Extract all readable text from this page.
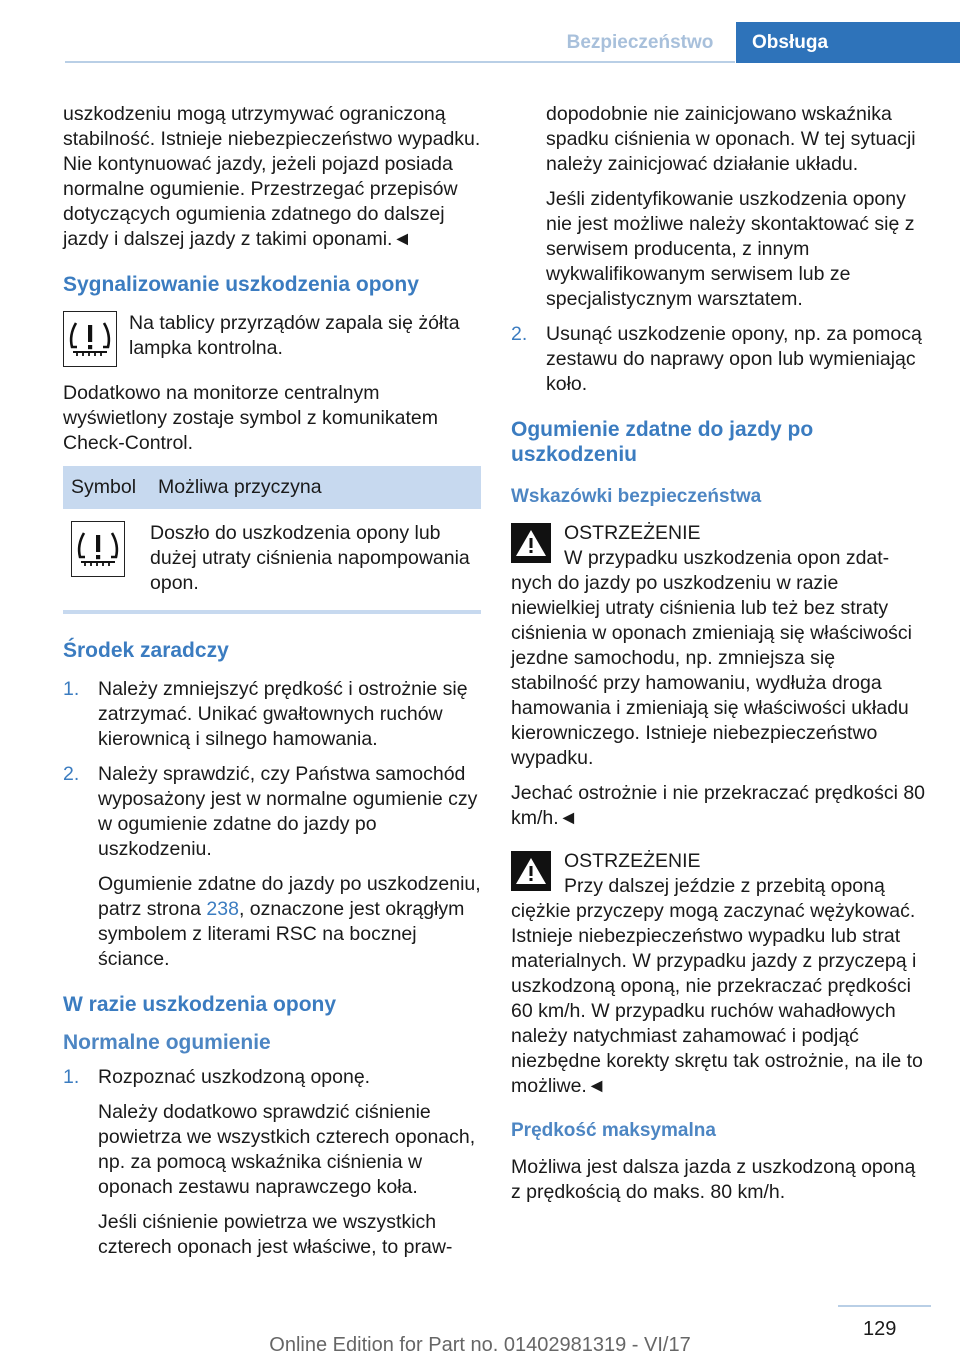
Bezpieczeństwo	Obsługa

uszkodzeniu mogą utrzymywać ograniczoną stabilność. Istnieje niebezpieczeństwo wypadku. Nie kontynuować jazdy, jeżeli pojazd posiada normalne ogumienie. Przestrzegać przepisów dotyczących ogumienia zdatnego do dalszej jazdy i dalszej jazdy z takimi oponami.◄

Sygnalizowanie uszkodzenia opony

Na tablicy przyrządów zapala się żółta lampka kontrolna.

Dodatkowo na monitorze centralnym wyświetlony zostaje symbol z komunikatem Check-Control.

Symbol	Możliwa przyczyna

	Doszło do uszkodzenia opony lub dużej utraty ciśnienia napompowania opon.
Środek zaradczy
1. Należy zmniejszyć prędkość i ostrożnie się zatrzymać. Unikać gwałtownych ruchów kierownicą i silnego hamowania.

2. Należy sprawdzić, czy Państwa samochód wyposażony jest w normalne ogumienie czy w ogumienie zdatne do jazdy po uszkodzeniu.

Ogumienie zdatne do jazdy po uszkodzeniu, patrz strona 238, oznaczone jest okrągłym symbolem z literami RSC na bocznej ściance.

W razie uszkodzenia opony
Normalne ogumienie
1. Rozpoznać uszkodzoną oponę.

Należy dodatkowo sprawdzić ciśnienie powietrza we wszystkich czterech oponach, np. za pomocą wskaźnika ciśnienia w oponach zestawu naprawczego koła.

Jeśli ciśnienie powietrza we wszystkich czterech oponach jest właściwe, to praw-

dopodobnie nie zainicjowano wskaźnika spadku ciśnienia w oponach. W tej sytuacji należy zainicjować działanie układu.

Jeśli zidentyfikowanie uszkodzenia opony nie jest możliwe należy skontaktować się z serwisem producenta, z innym wykwalifikowanym serwisem lub ze specjalistycznym warsztatem.

2. Usunąć uszkodzenie opony, np. za pomocą zestawu do naprawy opon lub wymieniając koło.

Ogumienie zdatne do jazdy po uszkodzeniu
Wskazówki bezpieczeństwa

OSTRZEŻENIE

W przypadku uszkodzenia opon zdat-

nych do jazdy po uszkodzeniu w razie niewielkiej utraty ciśnienia lub też bez straty ciśnienia w oponach zmieniają się właściwości jezdne samochodu, np. zmniejsza się stabilność przy hamowaniu, wydłuża droga hamowania i zmieniają się właściwości układu kierowniczego. Istnieje niebezpieczeństwo wypadku.

Jechać ostrożnie i nie przekraczać prędkości 80 km/h.◄

OSTRZEŻENIE

Przy dalszej jeździe z przebitą oponą

ciężkie przyczepy mogą zaczynać wężykować. Istnieje niebezpieczeństwo wypadku lub strat materialnych. W przypadku jazdy z przyczepą i uszkodzoną oponą, nie przekraczać prędkości 60 km/h. W przypadku ruchów wahadłowych należy natychmiast zahamować i podjąć niezbędne korekty skrętu tak ostrożnie, na ile to możliwe.◄

Prędkość maksymalna

Możliwa jest dalsza jazda z uszkodzoną oponą z prędkością do maks. 80 km/h.

129
Online Edition for Part no. 01402981319 - VI/17
